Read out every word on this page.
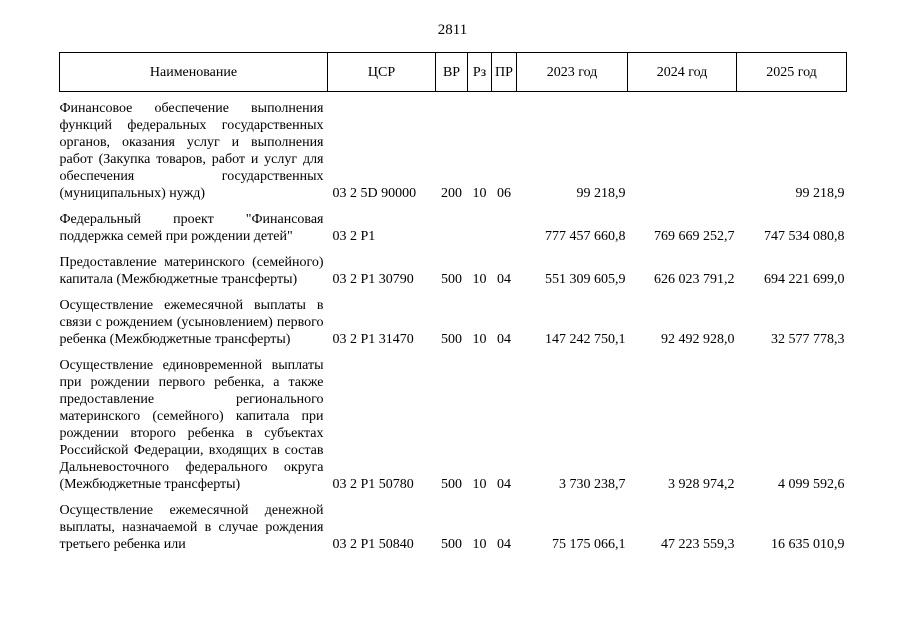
2811
Наименование	ЦСР	ВР	Рз	ПР	2023 год	2024 год	2025 год
Финансовое обеспечение выполнения функций федеральных государственных органов, оказания услуг и выполнения работ (Закупка товаров, работ и услуг для обеспечения государственных (муниципальных) нужд)	03 2 5D 90000	200	10	06	99 218,9		99 218,9
Федеральный проект "Финансовая поддержка семей при рождении детей"	03 2 P1				777 457 660,8	769 669 252,7	747 534 080,8
Предоставление материнского (семейного) капитала (Межбюджетные трансферты)	03 2 P1 30790	500	10	04	551 309 605,9	626 023 791,2	694 221 699,0
Осуществление ежемесячной выплаты в связи с рождением (усыновлением) первого ребенка (Межбюджетные трансферты)	03 2 P1 31470	500	10	04	147 242 750,1	92 492 928,0	32 577 778,3
Осуществление единовременной выплаты при рождении первого ребенка, а также предоставление регионального материнского (семейного) капитала при рождении второго ребенка в субъектах Российской Федерации, входящих в состав Дальневосточного федерального округа (Межбюджетные трансферты)	03 2 P1 50780	500	10	04	3 730 238,7	3 928 974,2	4 099 592,6
Осуществление ежемесячной денежной выплаты, назначаемой в случае рождения третьего ребенка или	03 2 P1 50840	500	10	04	75 175 066,1	47 223 559,3	16 635 010,9
